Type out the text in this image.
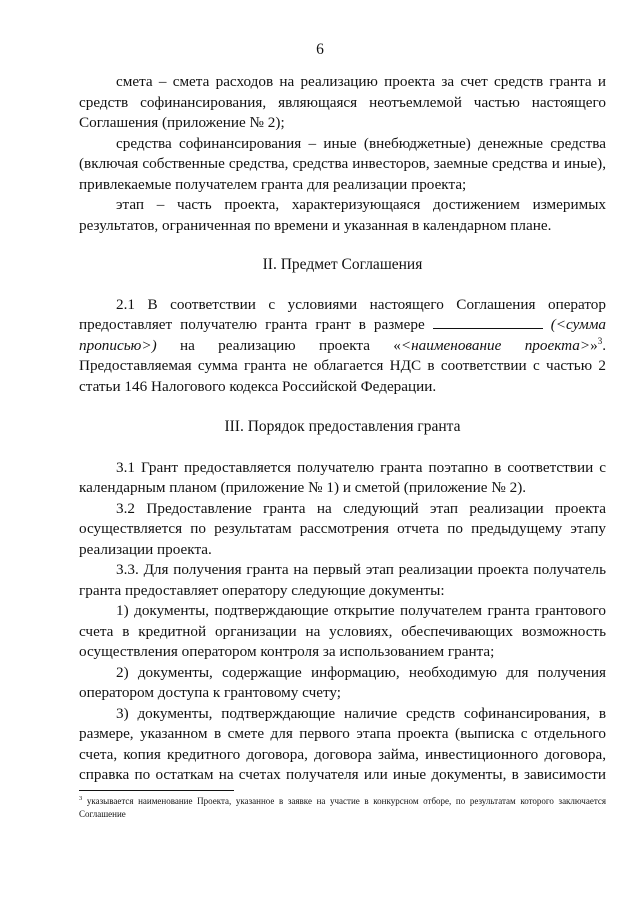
6

смета – смета расходов на реализацию проекта за счет средств гранта и средств софинансирования, являющаяся неотъемлемой частью настоящего Соглашения (приложение № 2);

средства софинансирования – иные (внебюджетные) денежные средства (включая собственные средства, средства инвесторов, заемные средства и иные), привлекаемые получателем гранта для реализации проекта;

этап – часть проекта, характеризующаяся достижением измеримых результатов, ограниченная по времени и указанная в календарном плане.

II. Предмет Соглашения

2.1 В соответствии с условиями настоящего Соглашения оператор предоставляет получателю гранта грант в размере	(<сумма прописью>) на реализацию проекта «<наименование проекта>»$^3$. Предоставляемая сумма гранта не облагается НДС в соответствии с частью 2 статьи 146 Налогового кодекса Российской Федерации.

III. Порядок предоставления гранта

3.1 Грант предоставляется получателю гранта поэтапно в соответствии с календарным планом (приложение № 1) и сметой (приложение № 2).

3.2 Предоставление гранта на следующий этап реализации проекта осуществляется по результатам рассмотрения отчета по предыдущему этапу реализации проекта.

3.3. Для получения гранта на первый этап реализации проекта получатель гранта предоставляет оператору следующие документы:

1) документы, подтверждающие открытие получателем гранта грантового счета в кредитной организации на условиях, обеспечивающих возможность осуществления оператором контроля за использованием гранта;

2) документы, содержащие информацию, необходимую для получения оператором доступа к грантовому счету;

3) документы, подтверждающие наличие средств софинансирования, в размере, указанном в смете для первого этапа проекта (выписка с отдельного счета, копия кредитного договора, договора займа, инвестиционного договора, справка по остаткам на счетах получателя или иные документы, в зависимости

$^3$ указывается наименование Проекта, указанное в заявке на участие в конкурсном отборе, по результатам которого заключается Соглашение
